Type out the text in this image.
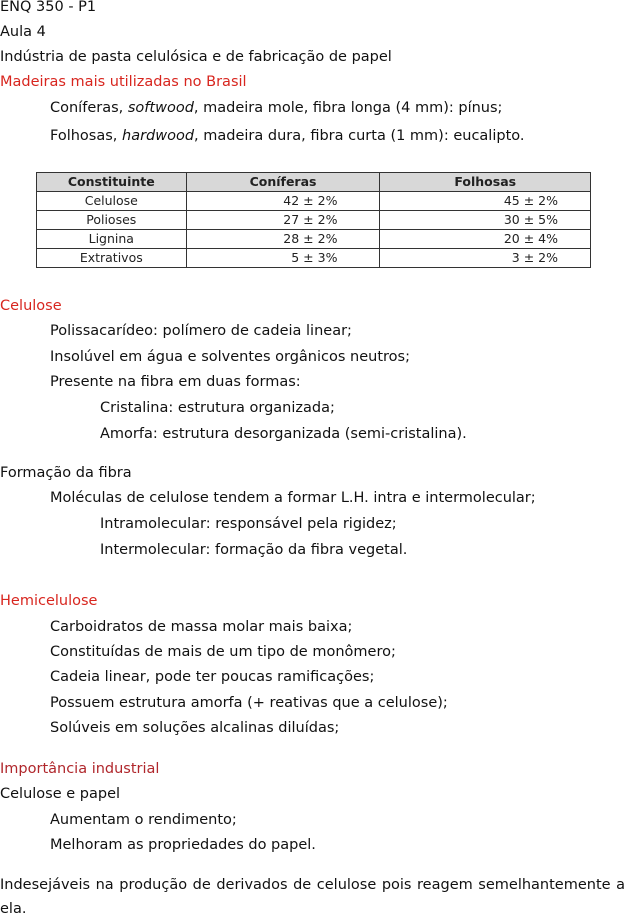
ENQ 350 - P1
Aula 4
Indústria de pasta celulósica e de fabricação de papel
Madeiras mais utilizadas no Brasil
Coníferas, softwood, madeira mole, fibra longa (4 mm): pínus;
Folhosas, hardwood, madeira dura, fibra curta (1 mm): eucalipto.
Constituinte	Coníferas	Folhosas
Celulose	42 ± 2%	45 ± 2%
Polioses	27 ± 2%	30 ± 5%
Lignina	28 ± 2%	20 ± 4%
Extrativos	5 ± 3%	3 ± 2%
Celulose
Polissacarídeo: polímero de cadeia linear;
Insolúvel em água e solventes orgânicos neutros;
Presente na fibra em duas formas:
Cristalina: estrutura organizada;
Amorfa: estrutura desorganizada (semi-cristalina).
Formação da fibra
Moléculas de celulose tendem a formar L.H. intra e intermolecular;
Intramolecular: responsável pela rigidez;
Intermolecular: formação da fibra vegetal.
Hemicelulose
Carboidratos de massa molar mais baixa;
Constituídas de mais de um tipo de monômero;
Cadeia linear, pode ter poucas ramificações;
Possuem estrutura amorfa (+ reativas que a celulose);
Solúveis em soluções alcalinas diluídas;
Importância industrial
Celulose e papel
Aumentam o rendimento;
Melhoram as propriedades do papel.
Indesejáveis na produção de derivados de celulose pois reagem semelhantemente a ela.
